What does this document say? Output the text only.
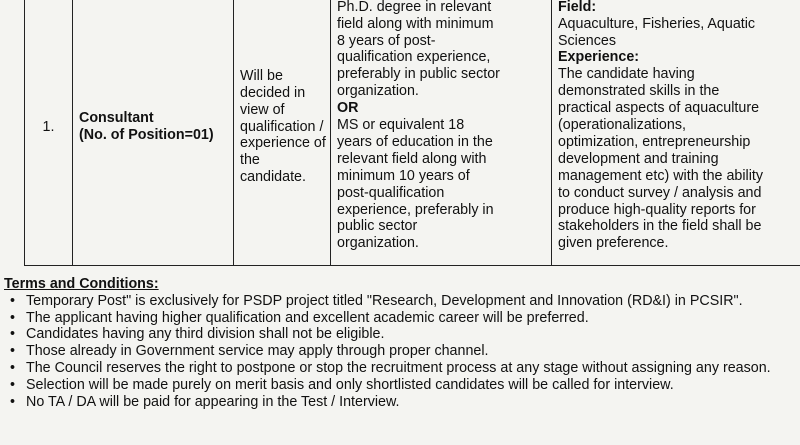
1.	
Consultant
(No. of Position=01)

Will be
decided in
view of
qualification /
experience of
the
candidate.

Ph.D. degree in relevant
field along with minimum
8 years of post-
qualification experience,
preferably in public sector
organization.
OR
MS or equivalent 18
years of education in the
relevant field along with
minimum 10 years of
post-qualification
experience, preferably in
public sector
organization.

Field:
Aquaculture, Fisheries, Aquatic
Sciences
Experience:
The candidate having
demonstrated skills in the
practical aspects of aquaculture
(operationalizations,
optimization, entrepreneurship
development and training
management etc) with the ability
to conduct survey / analysis and
produce high-quality reports for
stakeholders in the field shall be
given preference.
Terms and Conditions:
• Temporary Post" is exclusively for PSDP project titled "Research, Development and Innovation (RD&I) in PCSIR".
• The applicant having higher qualification and excellent academic career will be preferred.
• Candidates having any third division shall not be eligible.
• Those already in Government service may apply through proper channel.
• The Council reserves the right to postpone or stop the recruitment process at any stage without assigning any reason.
• Selection will be made purely on merit basis and only shortlisted candidates will be called for interview.
• No TA / DA will be paid for appearing in the Test / Interview.
